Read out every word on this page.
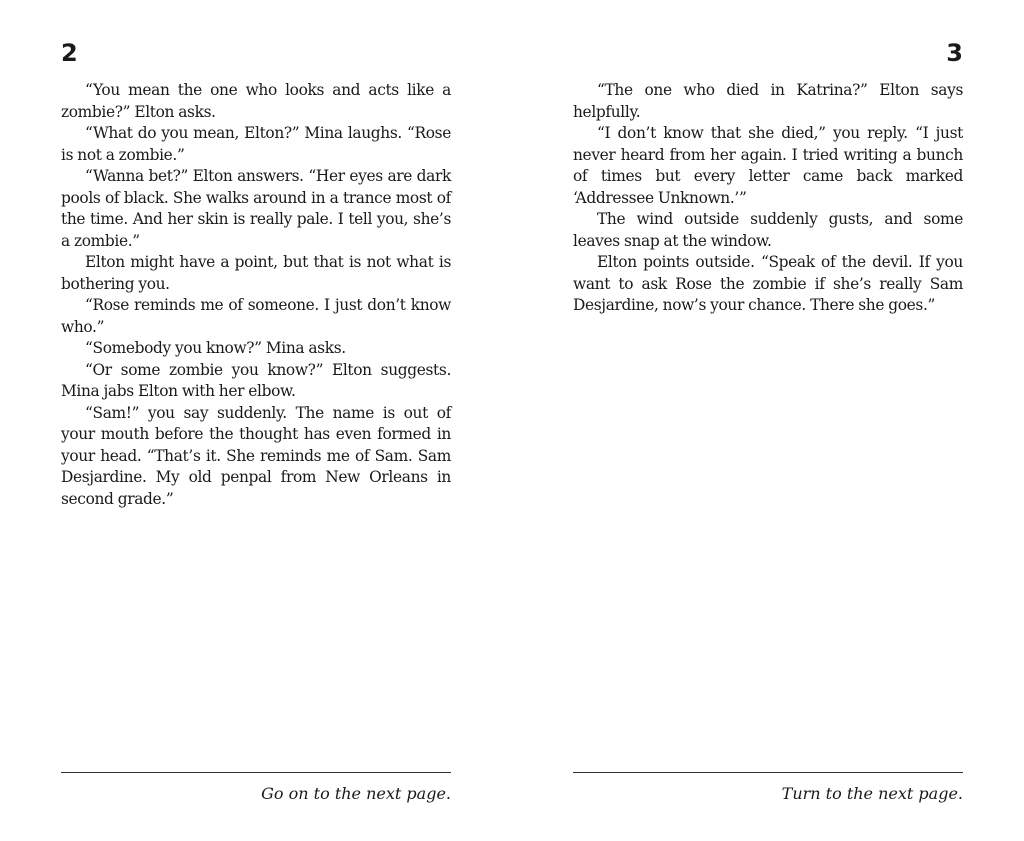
2

“You mean the one who looks and acts like a zombie?” Elton asks.

“What do you mean, Elton?” Mina laughs. “Rose is not a zombie.”

“Wanna bet?” Elton answers. “Her eyes are dark pools of black. She walks around in a trance most of the time. And her skin is really pale. I tell you, she’s a zombie.”

Elton might have a point, but that is not what is bothering you.

“Rose reminds me of someone. I just don’t know who.”

“Somebody you know?” Mina asks.

“Or some zombie you know?” Elton suggests. Mina jabs Elton with her elbow.

“Sam!” you say suddenly. The name is out of your mouth before the thought has even formed in your head. “That’s it. She reminds me of Sam. Sam Desjardine. My old penpal from New Orleans in second grade.”

Go on to the next page.
3

“The one who died in Katrina?” Elton says helpfully.

“I don’t know that she died,” you reply. “I just never heard from her again. I tried writing a bunch of times but every letter came back marked ‘Addressee Unknown.’”

The wind outside suddenly gusts, and some leaves snap at the window.

Elton points outside. “Speak of the devil. If you want to ask Rose the zombie if she’s really Sam Desjardine, now’s your chance. There she goes.”

Turn to the next page.
